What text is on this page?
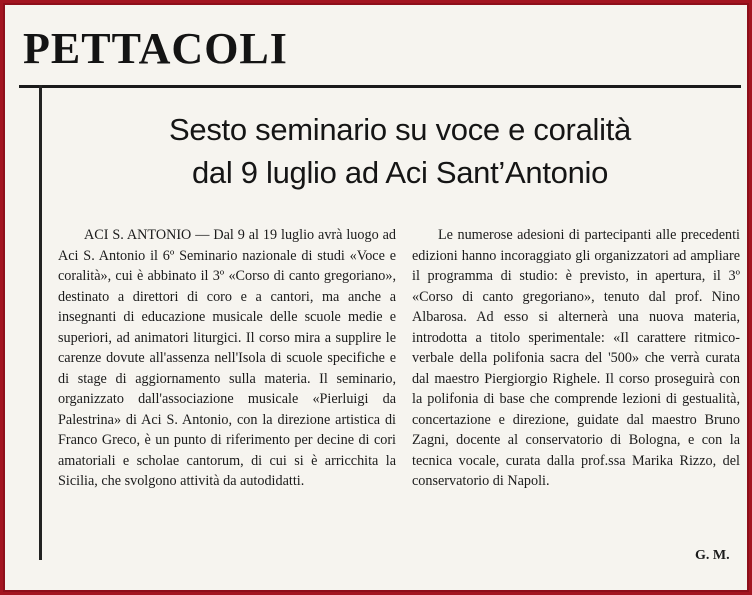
PETTACOLI
Sesto seminario su voce e coralità
dal 9 luglio ad Aci Sant’Antonio

ACI S. ANTONIO — Dal 9 al 19 luglio avrà luogo ad Aci S. Antonio il 6º Seminario nazionale di studi «Voce e coralità», cui è abbinato il 3º «Corso di canto gregoriano», destinato a direttori di coro e a cantori, ma anche a insegnanti di educazione musicale delle scuole medie e superiori, ad animatori liturgici. Il corso mira a supplire le carenze dovute all'assenza nell'Isola di scuole specifiche e di stage di aggiornamento sulla materia. Il seminario, organizzato dall'associazione musicale «Pierluigi da Palestrina» di Aci S. Antonio, con la direzione artistica di Franco Greco, è un punto di riferimento per decine di cori amatoriali e scholae cantorum, di cui si è arricchita la Sicilia, che svolgono attività da autodidatti.

Le numerose adesioni di partecipanti alle precedenti edizioni hanno incoraggiato gli organizzatori ad ampliare il programma di studio: è previsto, in apertura, il 3º «Corso di canto gregoriano», tenuto dal prof. Nino Albarosa. Ad esso si alternerà una nuova materia, introdotta a titolo sperimentale: «Il carattere ritmico-verbale della polifonia sacra del '500» che verrà curata dal maestro Piergiorgio Righele. Il corso proseguirà con la polifonia di base che comprende lezioni di gestualità, concertazione e direzione, guidate dal maestro Bruno Zagni, docente al conservatorio di Bologna, e con la tecnica vocale, curata dalla prof.ssa Marika Rizzo, del conservatorio di Napoli.

G. M.
